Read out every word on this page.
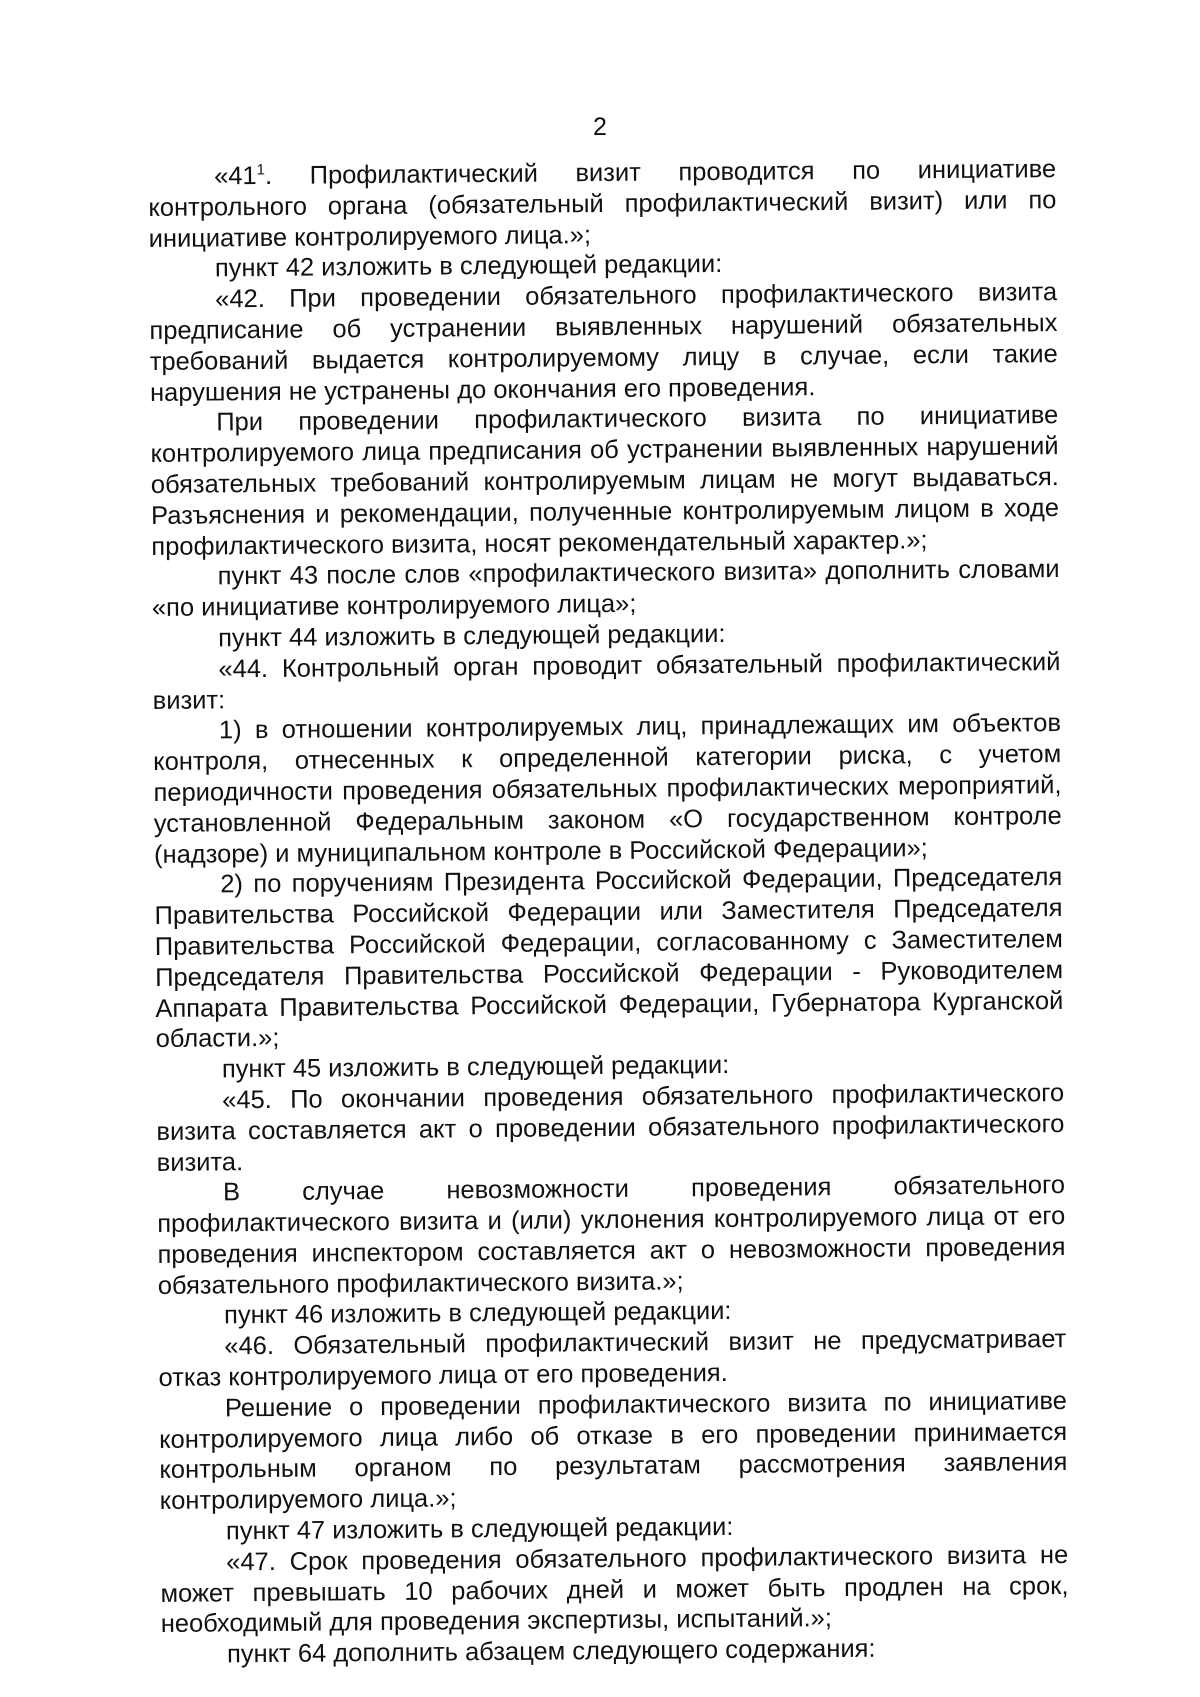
2

«$41^1$. Профилактический визит проводится по инициативе контрольного органа (обязательный профилактический визит) или по инициативе контролируемого лица.»;

пункт 42 изложить в следующей редакции:

«42. При проведении обязательного профилактического визита предписание об устранении выявленных нарушений обязательных требований выдается контролируемому лицу в случае, если такие нарушения не устранены до окончания его проведения.

При проведении профилактического визита по инициативе контролируемого лица предписания об устранении выявленных нарушений обязательных требований контролируемым лицам не могут выдаваться. Разъяснения и рекомендации, полученные контролируемым лицом в ходе профилактического визита, носят рекомендательный характер.»;

пункт 43 после слов «профилактического визита» дополнить словами «по инициативе контролируемого лица»;

пункт 44 изложить в следующей редакции:

«44. Контрольный орган проводит обязательный профилактический визит:

1) в отношении контролируемых лиц, принадлежащих им объектов контроля, отнесенных к определенной категории риска, с учетом периодичности проведения обязательных профилактических мероприятий, установленной Федеральным законом «О государственном контроле (надзоре) и муниципальном контроле в Российской Федерации»;

2) по поручениям Президента Российской Федерации, Председателя Правительства Российской Федерации или Заместителя Председателя Правительства Российской Федерации, согласованному с Заместителем Председателя Правительства Российской Федерации - Руководителем Аппарата Правительства Российской Федерации, Губернатора Курганской области.»;

пункт 45 изложить в следующей редакции:

«45. По окончании проведения обязательного профилактического визита составляется акт о проведении обязательного профилактического визита.

В случае невозможности проведения обязательного профилактического визита и (или) уклонения контролируемого лица от его проведения инспектором составляется акт о невозможности проведения обязательного профилактического визита.»;

пункт 46 изложить в следующей редакции:

«46. Обязательный профилактический визит не предусматривает отказ контролируемого лица от его проведения.

Решение о проведении профилактического визита по инициативе контролируемого лица либо об отказе в его проведении принимается контрольным органом по результатам рассмотрения заявления контролируемого лица.»;

пункт 47 изложить в следующей редакции:

«47. Срок проведения обязательного профилактического визита не может превышать 10 рабочих дней и может быть продлен на срок, необходимый для проведения экспертизы, испытаний.»;

пункт 64 дополнить абзацем следующего содержания:
